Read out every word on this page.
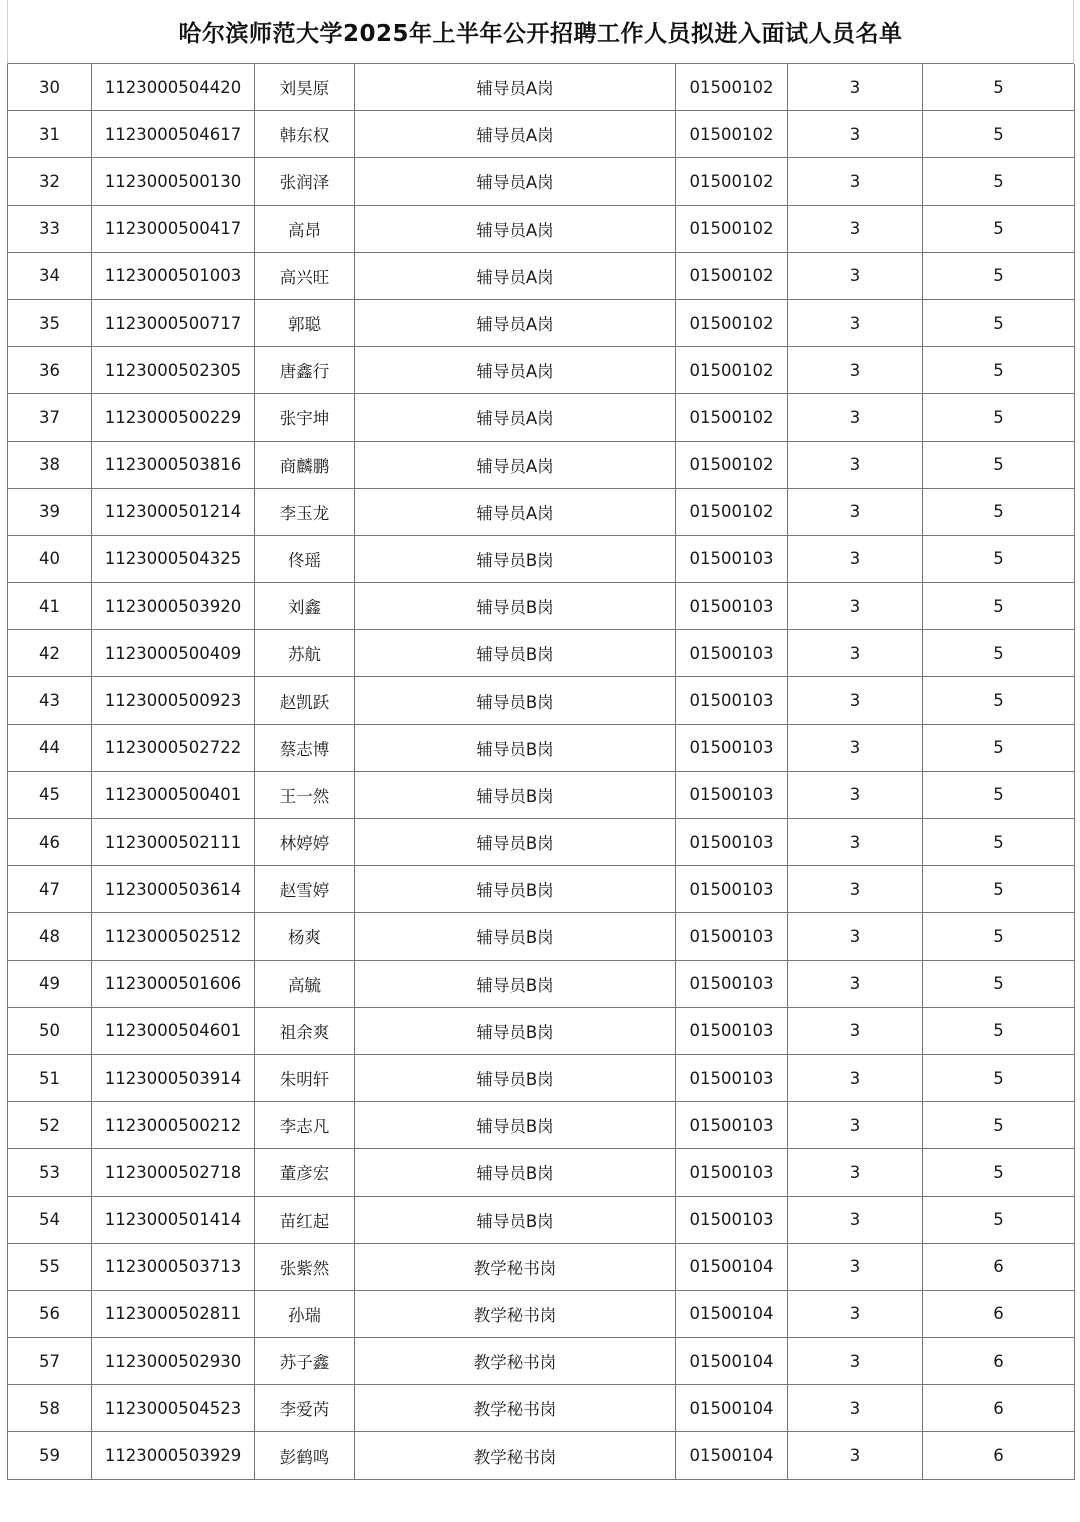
哈尔滨师范大学2025年上半年公开招聘工作人员拟进入面试人员名单
30	1123000504420	刘昊原	辅导员A岗	01500102	3	5
31	1123000504617	韩东权	辅导员A岗	01500102	3	5
32	1123000500130	张润泽	辅导员A岗	01500102	3	5
33	1123000500417	高昂	辅导员A岗	01500102	3	5
34	1123000501003	高兴旺	辅导员A岗	01500102	3	5
35	1123000500717	郭聪	辅导员A岗	01500102	3	5
36	1123000502305	唐鑫行	辅导员A岗	01500102	3	5
37	1123000500229	张宇坤	辅导员A岗	01500102	3	5
38	1123000503816	商麟鹏	辅导员A岗	01500102	3	5
39	1123000501214	李玉龙	辅导员A岗	01500102	3	5
40	1123000504325	佟瑶	辅导员B岗	01500103	3	5
41	1123000503920	刘鑫	辅导员B岗	01500103	3	5
42	1123000500409	苏航	辅导员B岗	01500103	3	5
43	1123000500923	赵凯跃	辅导员B岗	01500103	3	5
44	1123000502722	蔡志博	辅导员B岗	01500103	3	5
45	1123000500401	王一然	辅导员B岗	01500103	3	5
46	1123000502111	林婷婷	辅导员B岗	01500103	3	5
47	1123000503614	赵雪婷	辅导员B岗	01500103	3	5
48	1123000502512	杨爽	辅导员B岗	01500103	3	5
49	1123000501606	高毓	辅导员B岗	01500103	3	5
50	1123000504601	祖余爽	辅导员B岗	01500103	3	5
51	1123000503914	朱明轩	辅导员B岗	01500103	3	5
52	1123000500212	李志凡	辅导员B岗	01500103	3	5
53	1123000502718	董彦宏	辅导员B岗	01500103	3	5
54	1123000501414	苗红起	辅导员B岗	01500103	3	5
55	1123000503713	张紫然	教学秘书岗	01500104	3	6
56	1123000502811	孙瑞	教学秘书岗	01500104	3	6
57	1123000502930	苏子鑫	教学秘书岗	01500104	3	6
58	1123000504523	李爱芮	教学秘书岗	01500104	3	6
59	1123000503929	彭鹤鸣	教学秘书岗	01500104	3	6
